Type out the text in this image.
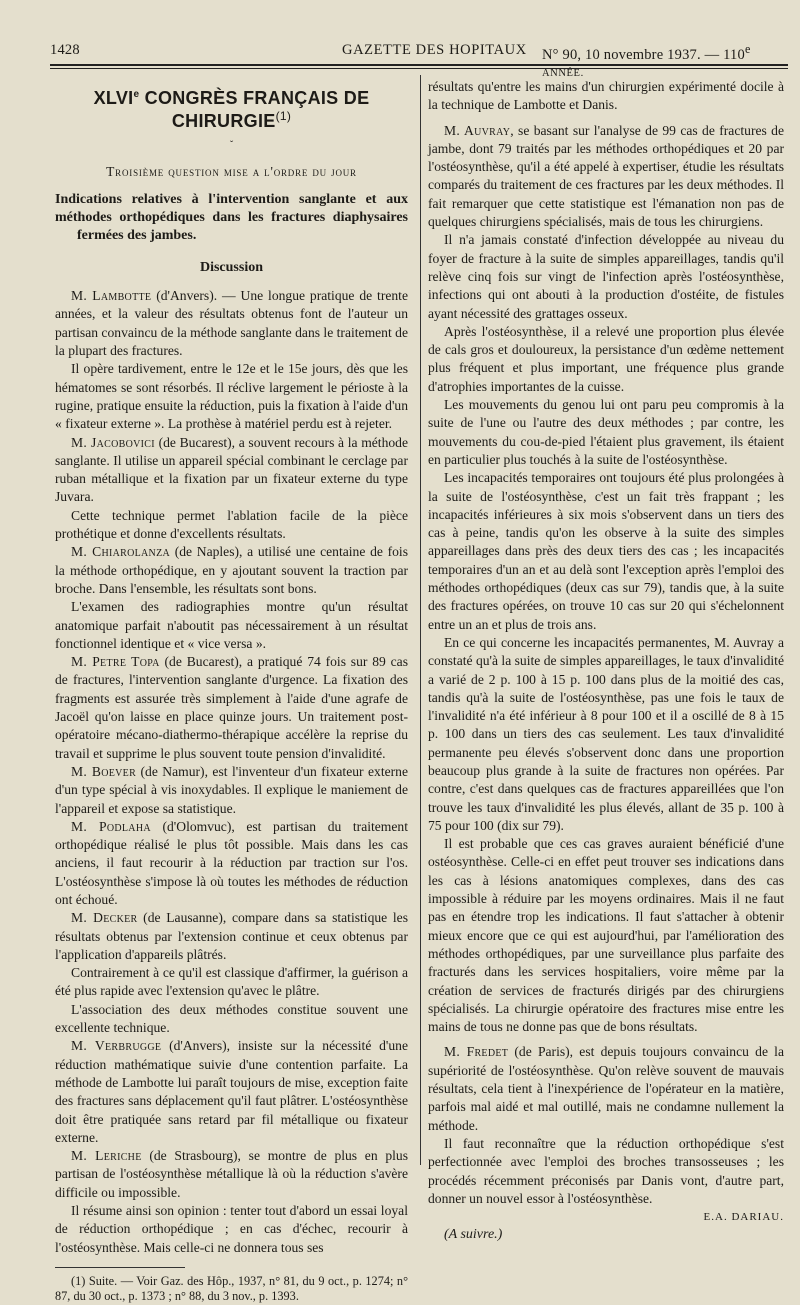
1428	GAZETTE DES HOPITAUX N° 90, 10 novembre 1937. — 110e ANNÉE.
XLVIe CONGRÈS FRANÇAIS DE CHIRURGIE$^{(1)}$
ˇ
Troisième question mise a l'ordre du jour
Indications relatives à l'intervention sanglante et aux
méthodes orthopédiques dans les fractures diaphysaires
fermées des jambes.
Discussion

M. Lambotte (d'Anvers). — Une longue pratique de trente années, et la valeur des résultats obtenus font de l'auteur un partisan convaincu de la méthode sanglante dans le traitement de la plupart des fractures.

Il opère tardivement, entre le 12e et le 15e jours, dès que les hématomes se sont résorbés. Il réclive largement le périoste à la rugine, pratique ensuite la réduction, puis la fixation à l'aide d'un « fixateur externe ». La prothèse à matériel perdu est à rejeter.

M. Jacobovici (de Bucarest), a souvent recours à la méthode sanglante. Il utilise un appareil spécial combinant le cerclage par ruban métallique et la fixation par un fixateur externe du type Juvara.

Cette technique permet l'ablation facile de la pièce prothétique et donne d'excellents résultats.

M. Chiarolanza (de Naples), a utilisé une centaine de fois la méthode orthopédique, en y ajoutant souvent la traction par broche. Dans l'ensemble, les résultats sont bons.

L'examen des radiographies montre qu'un résultat anatomique parfait n'aboutit pas nécessairement à un résultat fonctionnel identique et « vice versa ».

M. Petre Topa (de Bucarest), a pratiqué 74 fois sur 89 cas de fractures, l'intervention sanglante d'urgence. La fixation des fragments est assurée très simplement à l'aide d'une agrafe de Jacoël qu'on laisse en place quinze jours. Un traitement post-opératoire mécano-diathermo-thérapique accélère la reprise du travail et supprime le plus souvent toute pension d'invalidité.

M. Boever (de Namur), est l'inventeur d'un fixateur externe d'un type spécial à vis inoxydables. Il explique le maniement de l'appareil et expose sa statistique.

M. Podlaha (d'Olomvuc), est partisan du traitement orthopédique réalisé le plus tôt possible. Mais dans les cas anciens, il faut recourir à la réduction par traction sur l'os. L'ostéosynthèse s'impose là où toutes les méthodes de réduction ont échoué.

M. Decker (de Lausanne), compare dans sa statistique les résultats obtenus par l'extension continue et ceux obtenus par l'application d'appareils plâtrés.

Contrairement à ce qu'il est classique d'affirmer, la guérison a été plus rapide avec l'extension qu'avec le plâtre.

L'association des deux méthodes constitue souvent une excellente technique.

M. Verbrugge (d'Anvers), insiste sur la nécessité d'une réduction mathématique suivie d'une contention parfaite. La méthode de Lambotte lui paraît toujours de mise, exception faite des fractures sans déplacement qu'il faut plâtrer. L'ostéosynthèse doit être pratiquée sans retard par fil métallique ou fixateur externe.

M. Leriche (de Strasbourg), se montre de plus en plus partisan de l'ostéosynthèse métallique là où la réduction s'avère difficile ou impossible.

Il résume ainsi son opinion : tenter tout d'abord un essai loyal de réduction orthopédique ; en cas d'échec, recourir à l'ostéosynthèse. Mais celle-ci ne donnera tous ses

(1) Suite. — Voir Gaz. des Hôp., 1937, n° 81, du 9 oct., p. 1274; n° 87, du 30 oct., p. 1373 ; n° 88, du 3 nov., p. 1393.

résultats qu'entre les mains d'un chirurgien expérimenté docile à la technique de Lambotte et Danis.

M. Auvray, se basant sur l'analyse de 99 cas de fractures de jambe, dont 79 traités par les méthodes orthopédiques et 20 par l'ostéosynthèse, qu'il a été appelé à expertiser, étudie les résultats comparés du traitement de ces fractures par les deux méthodes. Il fait remarquer que cette statistique est l'émanation non pas de quelques chirurgiens spécialisés, mais de tous les chirurgiens.

Il n'a jamais constaté d'infection développée au niveau du foyer de fracture à la suite de simples appareillages, tandis qu'il relève cinq fois sur vingt de l'infection après l'ostéosynthèse, infections qui ont abouti à la production d'ostéite, de fistules ayant nécessité des grattages osseux.

Après l'ostéosynthèse, il a relevé une proportion plus élevée de cals gros et douloureux, la persistance d'un œdème nettement plus fréquent et plus important, une fréquence plus grande d'atrophies importantes de la cuisse.

Les mouvements du genou lui ont paru peu compromis à la suite de l'une ou l'autre des deux méthodes ; par contre, les mouvements du cou-de-pied l'étaient plus gravement, ils étaient en particulier plus touchés à la suite de l'ostéosynthèse.

Les incapacités temporaires ont toujours été plus prolongées à la suite de l'ostéosynthèse, c'est un fait très frappant ; les incapacités inférieures à six mois s'observent dans un tiers des cas à peine, tandis qu'on les observe à la suite des simples appareillages dans près des deux tiers des cas ; les incapacités temporaires d'un an et au delà sont l'exception après l'emploi des méthodes orthopédiques (deux cas sur 79), tandis que, à la suite des fractures opérées, on trouve 10 cas sur 20 qui s'échelonnent entre un an et plus de trois ans.

En ce qui concerne les incapacités permanentes, M. Auvray a constaté qu'à la suite de simples appareillages, le taux d'invalidité a varié de 2 p. 100 à 15 p. 100 dans plus de la moitié des cas, tandis qu'à la suite de l'ostéosynthèse, pas une fois le taux de l'invalidité n'a été inférieur à 8 pour 100 et il a oscillé de 8 à 15 p. 100 dans un tiers des cas seulement. Les taux d'invalidité permanente peu élevés s'observent donc dans une proportion beaucoup plus grande à la suite de fractures non opérées. Par contre, c'est dans quelques cas de fractures appareillées que l'on trouve les taux d'invalidité les plus élevés, allant de 35 p. 100 à 75 pour 100 (dix sur 79).

Il est probable que ces cas graves auraient bénéficié d'une ostéosynthèse. Celle-ci en effet peut trouver ses indications dans les cas à lésions anatomiques complexes, dans des cas impossible à réduire par les moyens ordinaires. Mais il ne faut pas en étendre trop les indications. Il faut s'attacher à obtenir mieux encore que ce qui est aujourd'hui, par l'amélioration des méthodes orthopédiques, par une surveillance plus parfaite des fracturés dans les services hospitaliers, voire même par la création de services de fracturés dirigés par des chirurgiens spécialisés. La chirurgie opératoire des fractures mise entre les mains de tous ne donne pas que de bons résultats.

M. Fredet (de Paris), est depuis toujours convaincu de la supériorité de l'ostéosynthèse. Qu'on relève souvent de mauvais résultats, cela tient à l'inexpérience de l'opérateur en la matière, parfois mal aidé et mal outillé, mais ne condamne nullement la méthode.

Il faut reconnaître que la réduction orthopédique s'est perfectionnée avec l'emploi des broches transosseuses ; les procédés récemment préconisés par Danis vont, d'autre part, donner un nouvel essor à l'ostéosynthèse.

E.A. DARIAU.

(A suivre.)
